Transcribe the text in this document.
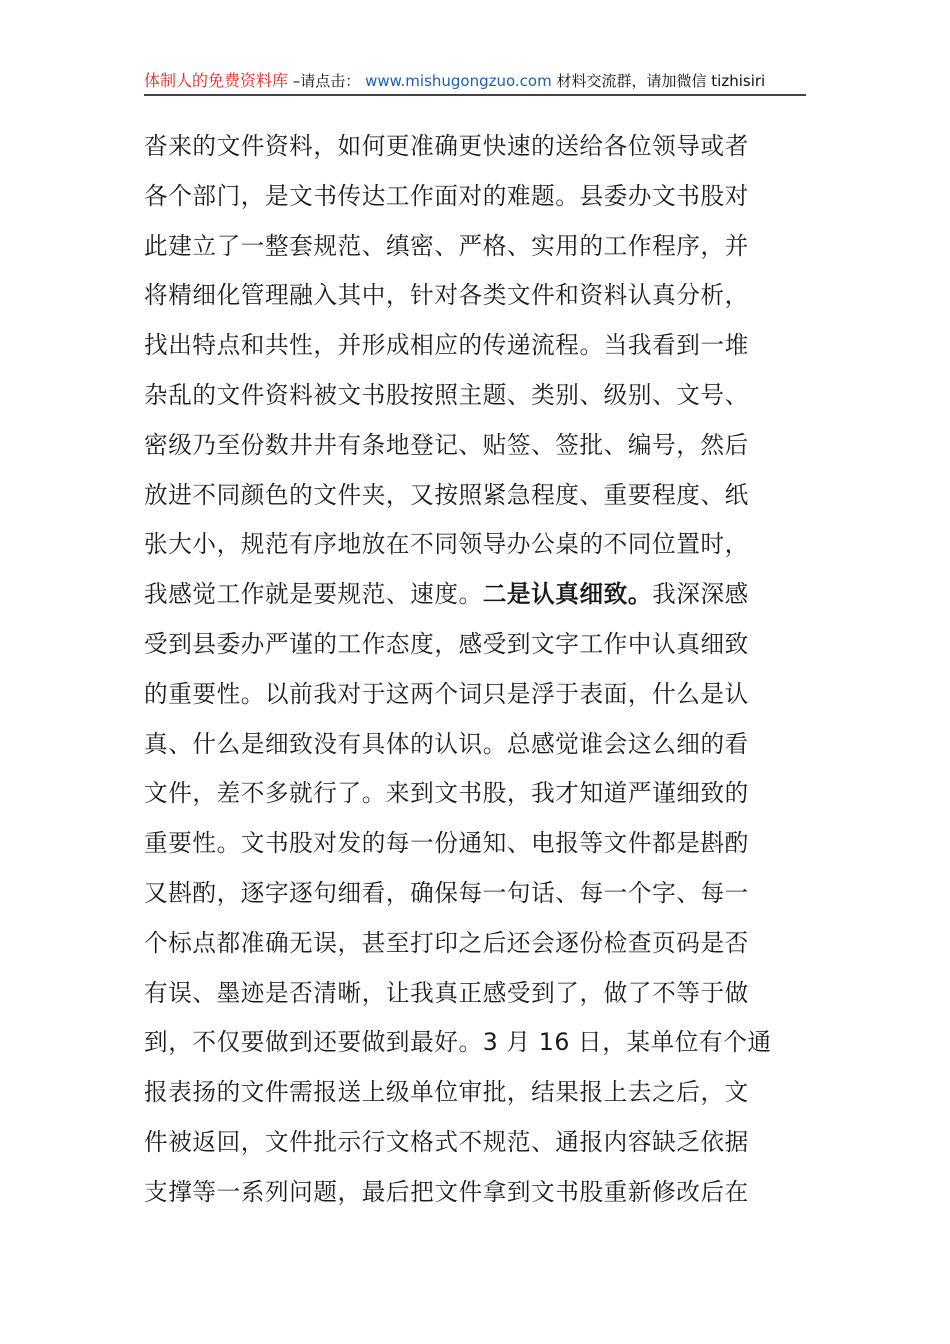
体制人的免费资料库 –请点击： www.mishugongzuo.com 材料交流群，请加微信 tizhisiri
沓来的文件资料，如何更准确更快速的送给各位领导或者
各个部门，是文书传达工作面对的难题。县委办文书股对
此建立了一整套规范、缜密、严格、实用的工作程序，并
将精细化管理融入其中，针对各类文件和资料认真分析，
找出特点和共性，并形成相应的传递流程。当我看到一堆
杂乱的文件资料被文书股按照主题、类别、级别、文号、
密级乃至份数井井有条地登记、贴签、签批、编号，然后
放进不同颜色的文件夹，又按照紧急程度、重要程度、纸
张大小，规范有序地放在不同领导办公桌的不同位置时，
我感觉工作就是要规范、速度。二是认真细致。我深深感
受到县委办严谨的工作态度，感受到文字工作中认真细致
的重要性。以前我对于这两个词只是浮于表面，什么是认
真、什么是细致没有具体的认识。总感觉谁会这么细的看
文件，差不多就行了。来到文书股，我才知道严谨细致的
重要性。文书股对发的每一份通知、电报等文件都是斟酌
又斟酌，逐字逐句细看，确保每一句话、每一个字、每一
个标点都准确无误，甚至打印之后还会逐份检查页码是否
有误、墨迹是否清晰，让我真正感受到了，做了不等于做
到，不仅要做到还要做到最好。3 月 16 日，某单位有个通
报表扬的文件需报送上级单位审批，结果报上去之后，文
件被返回，文件批示行文格式不规范、通报内容缺乏依据
支撑等一系列问题，最后把文件拿到文书股重新修改后在
